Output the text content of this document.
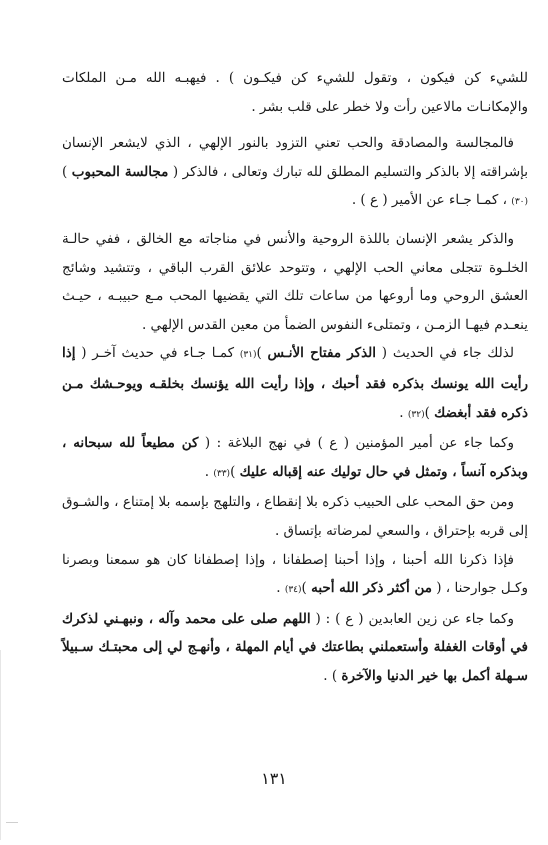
للشيء كن فيكون ، وتقول للشيء كن فيكـون ) . فيهبـه الله مـن الملكات والإمكانـات مالاعين رأت ولا خطر على قلب بشر .

فالمجالسة والمصادقة والحب تعني التزود بالنور الإلهي ، الذي لايشعر الإنسان بإشراقته إلا بالذكر والتسليم المطلق لله تبارك وتعالى ، فالذكر ( مجالسة المحبوب )(٣٠) ، كمـا جـاء عن الأمير ( ع ) .

والذكر يشعر الإنسان باللذة الروحية والأنس في مناجاته مع الخالق ، ففي حالـة الخلـوة تتجلى معاني الحب الإلهي ، وتتوحد علائق القرب الباقي ، وتتشيد وشائج العشق الروحي وما أروعها من ساعات تلك التي يقضيها المحب مـع حبيبـه ، حيـث ينعـدم فيهـا الزمـن ، وتمتلىء النفوس الضمأ من معين القدس الإلهي .

لذلك جاء في الحديث ( الذكر مفتاح الأنـس )(٣١) كمـا جـاء في حديث آخـر ( إذا رأيت الله يونسك بذكره فقد أحبك ، وإذا رأيت الله يؤنسك بخلقـه ويوحـشك مـن ذكره فقد أبغضك )(٣٢) .

وكما جاء عن أمير المؤمنين ( ع ) في نهج البلاغة : ( كن مطيعاً لله سبحانه ، وبذكره آنساً ، وتمثل في حال توليك عنه إقباله عليك )(٣٣) .

ومن حق المحب على الحبيب ذكره بلا إنقطاع ، والتلهج بإسمه بلا إمتناع ، والشـوق إلى قربه بإحتراق ، والسعي لمرضاته بإتساق .

فإذا ذكرنا الله أحبنا ، وإذا أحبنا إصطفانا ، وإذا إصطفانا كان هو سمعنا وبصرنا وكـل جوارحنا ، ( من أكثر ذكر الله أحبه )(٣٤) .

وكما جاء عن زين العابدين ( ع ) : ( اللهم صلى على محمد وآله ، ونبهـني لذكرك في أوقات الغفلة وأستعملني بطاعتك في أيام المهلة ، وأنهـج لي إلى محبتـك سـبيلاً سـهلة أكمل بها خير الدنيا والآخرة ) .

١٣١
